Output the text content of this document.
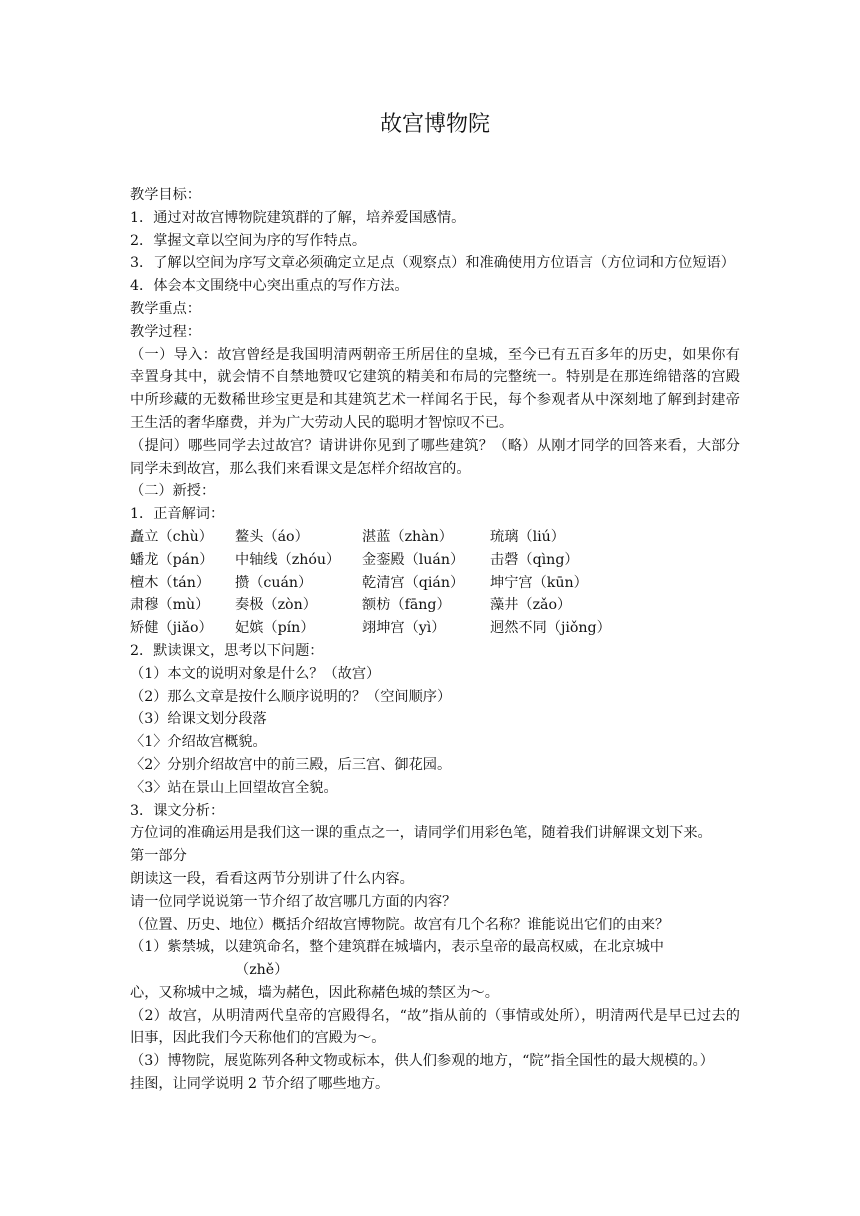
故宫博物院
教学目标：
1．通过对故宫博物院建筑群的了解，培养爱国感情。
2．掌握文章以空间为序的写作特点。
3．了解以空间为序写文章必须确定立足点（观察点）和准确使用方位语言（方位词和方位短语）
4．体会本文围绕中心突出重点的写作方法。
教学重点：
教学过程：
（一）导入：故宫曾经是我国明清两朝帝王所居住的皇城，至今已有五百多年的历史，如果你有幸置身其中，就会情不自禁地赞叹它建筑的精美和布局的完整统一。特别是在那连绵错落的宫殿中所珍藏的无数稀世珍宝更是和其建筑艺术一样闻名于民，每个参观者从中深刻地了解到封建帝王生活的奢华靡费，并为广大劳动人民的聪明才智惊叹不已。
（提问）哪些同学去过故宫？请讲讲你见到了哪些建筑？（略）从刚才同学的回答来看，大部分同学未到故宫，那么我们来看课文是怎样介绍故宫的。
（二）新授：
1．正音解词：
矗立（chù）	鳌头（áo）	湛蓝（zhàn）	琉璃（liú）
蟠龙（pán）	中轴线（zhóu）	金銮殿（luán）	击磬（qìng）
檀木（tán）	攒（cuán）	乾清宫（qián）	坤宁宫（kūn）
肃穆（mù）	奏极（zòn）	额枋（fāng）	藻井（zǎo）
矫健（jiǎo）	妃嫔（pín）	翊坤宫（yì）	迥然不同（jiǒng）
2．默读课文，思考以下问题：
（1）本文的说明对象是什么？（故宫）
（2）那么文章是按什么顺序说明的？（空间顺序）
（3）给课文划分段落
〈1〉介绍故宫概貌。
〈2〉分别介绍故宫中的前三殿，后三宫、御花园。
〈3〉站在景山上回望故宫全貌。
3．课文分析：
方位词的准确运用是我们这一课的重点之一，请同学们用彩色笔，随着我们讲解课文划下来。
第一部分
朗读这一段，看看这两节分别讲了什么内容。
请一位同学说说第一节介绍了故宫哪几方面的内容？
（位置、历史、地位）概括介绍故宫博物院。故宫有几个名称？谁能说出它们的由来？
（1）紫禁城，以建筑命名，整个建筑群在城墙内，表示皇帝的最高权威，在北京城中
（zhě）
心，又称城中之城，墙为赭色，因此称赭色城的禁区为～。
（2）故宫，从明清两代皇帝的宫殿得名，“故”指从前的（事情或处所），明清两代是早已过去的旧事，因此我们今天称他们的宫殿为～。
（3）博物院，展览陈列各种文物或标本，供人们参观的地方，“院”指全国性的最大规模的。）
挂图，让同学说明 2 节介绍了哪些地方。
